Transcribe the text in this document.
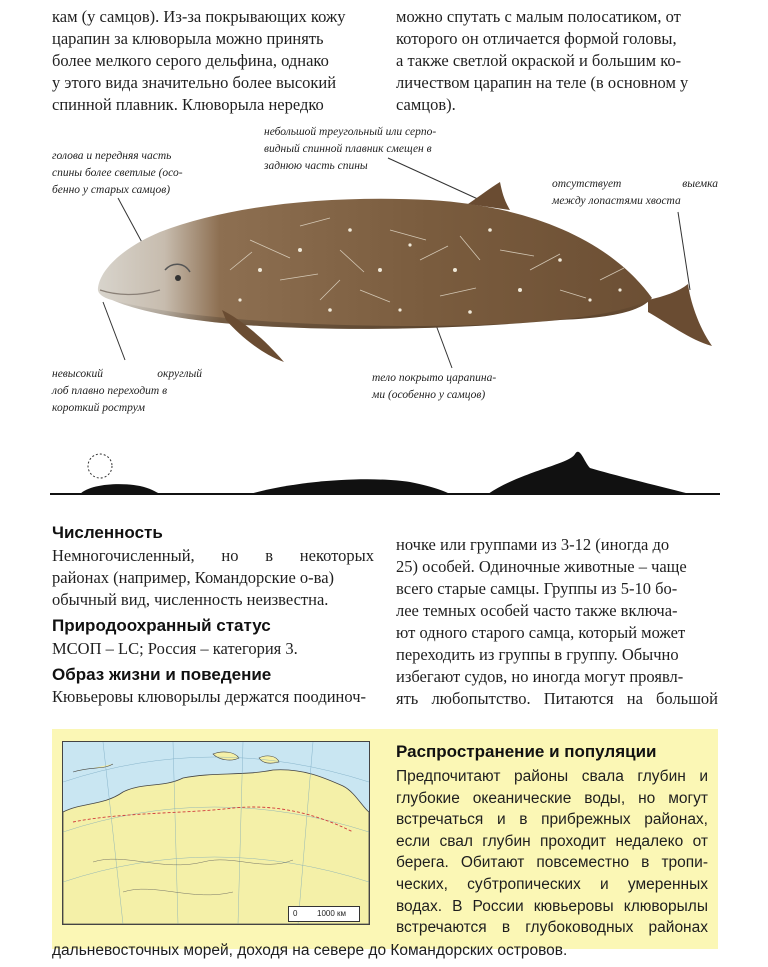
кам (у самцов). Из-за покрывающих кожу

царапин за клюворыла можно принять

более мелкого серого дельфина, однако

у этого вида значительно более высокий

спинной плавник. Клюворыла нередко

можно спутать с малым полосатиком, от

которого он отличается формой головы,

а также светлой окраской и большим ко-

личеством царапин на теле (в основном у

самцов).

голова и передняя часть
спины более светлые (осо-
бенно у старых самцов)
небольшой треугольный или серпо-
видный спинной плавник смещен в
заднюю часть спины
отсутствует выемка
между лопастями хвоста
невысокий округлый
лоб плавно переходит в
короткий рострум
тело покрыто царапина-
ми (особенно у самцов)
Численность

Немногочисленный, но в некоторых

районах (например, Командорские о-ва)

обычный вид, численность неизвестна.

Природоохранный статус
МСОП – LC; Россия – категория 3.
Образ жизни и поведение
Кювьеровы клюворылы держатся поодиноч-

ночке или группами из 3-12 (иногда до

25) особей. Одиночные животные – чаще

всего старые самцы. Группы из 5-10 бо-

лее темных особей часто также включа-

ют одного старого самца, который может

переходить из группы в группу. Обычно

избегают судов, но иногда могут проявл-

ять любопытство. Питаются на большой

0 1000 км
Распространение и популяции
Предпочитают районы свала глубин и
глубокие океанические воды, но могут
встречаться и в прибрежных районах,
если свал глубин проходит недалеко от
берега. Обитают повсеместно в тропи-
ческих, субтропических и умеренных
водах. В России кювьеровы клюворылы
встречаются в глубоководных районах
дальневосточных морей, доходя на севере до Командорских островов.
